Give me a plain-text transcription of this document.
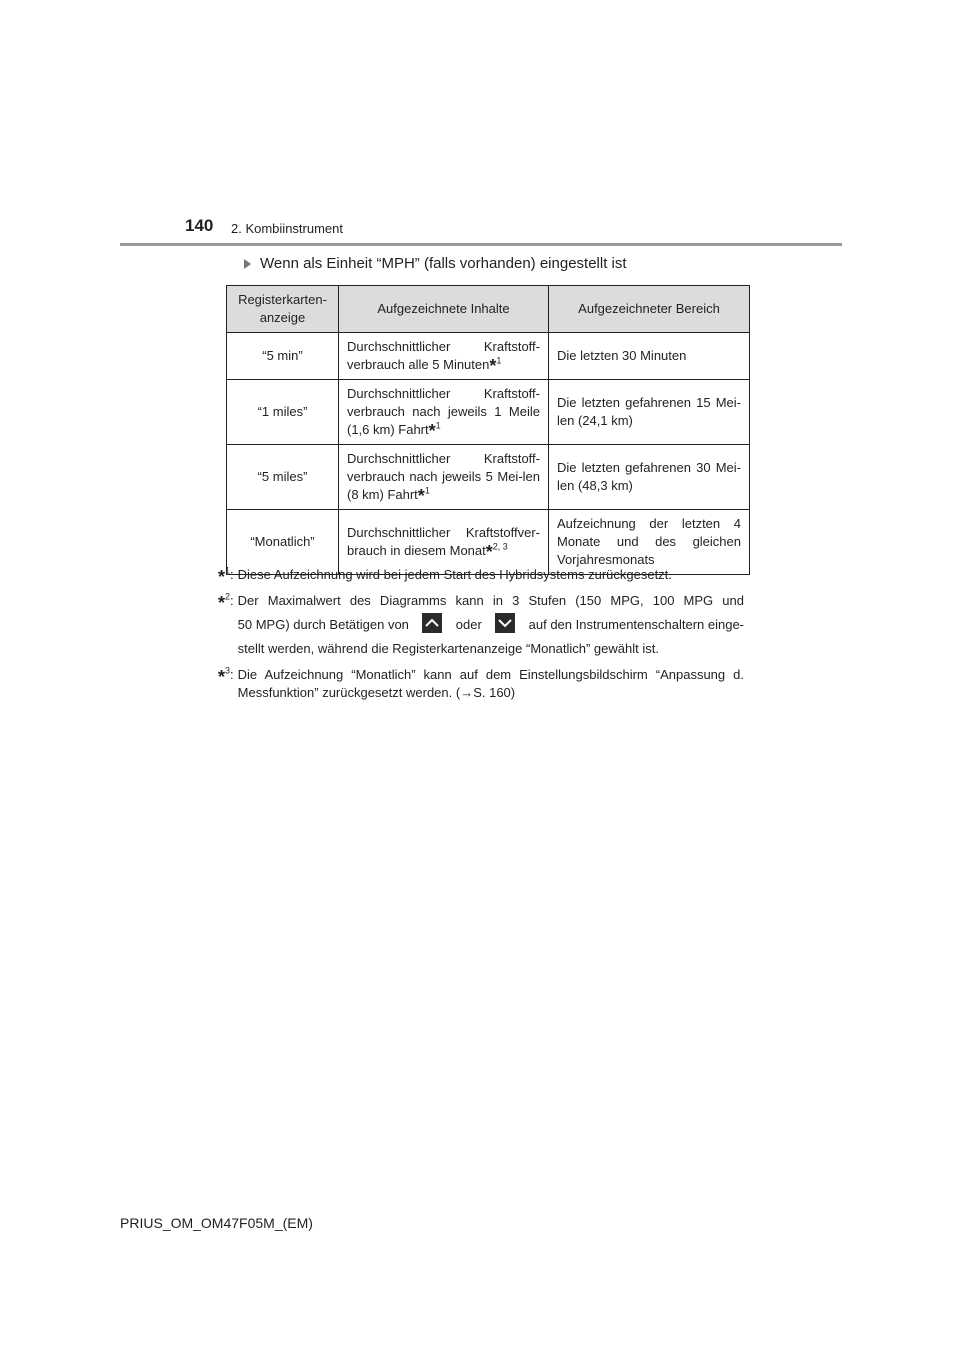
140 2. Kombiinstrument
Wenn als Einheit “MPH” (falls vorhanden) eingestellt ist
Registerkarten-anzeige	Aufgezeichnete Inhalte	Aufgezeichneter Bereich
“5 min”	Durchschnittlicher Kraftstoff-verbrauch alle 5 Minuten*$^1$	Die letzten 30 Minuten
“1 miles”	Durchschnittlicher Kraftstoff-verbrauch nach jeweils 1 Meile (1,6 km) Fahrt*$^1$	Die letzten gefahrenen 15 Mei-len (24,1 km)
“5 miles”	Durchschnittlicher Kraftstoff-verbrauch nach jeweils 5 Mei-len (8 km) Fahrt*$^1$	Die letzten gefahrenen 30 Mei-len (48,3 km)
“Monatlich”	Durchschnittlicher Kraftstoffver-brauch in diesem Monat*$^{2, 3}$	Aufzeichnung der letzten 4 Monate und des gleichen Vorjahresmonats
*$^1$: Diese Aufzeichnung wird bei jedem Start des Hybridsystems zurückgesetzt.
*$^2$: Der Maximalwert des Diagramms kann in 3 Stufen (150 MPG, 100 MPG und
50 MPG) durch Betätigen von	oder	auf den Instrumentenschaltern einge-
stellt werden, während die Registerkartenanzeige “Monatlich” gewählt ist.
*$^3$: Die Aufzeichnung “Monatlich” kann auf dem Einstellungsbildschirm “Anpassung d.
Messfunktion” zurückgesetzt werden. (→S. 160)
PRIUS_OM_OM47F05M_(EM)
